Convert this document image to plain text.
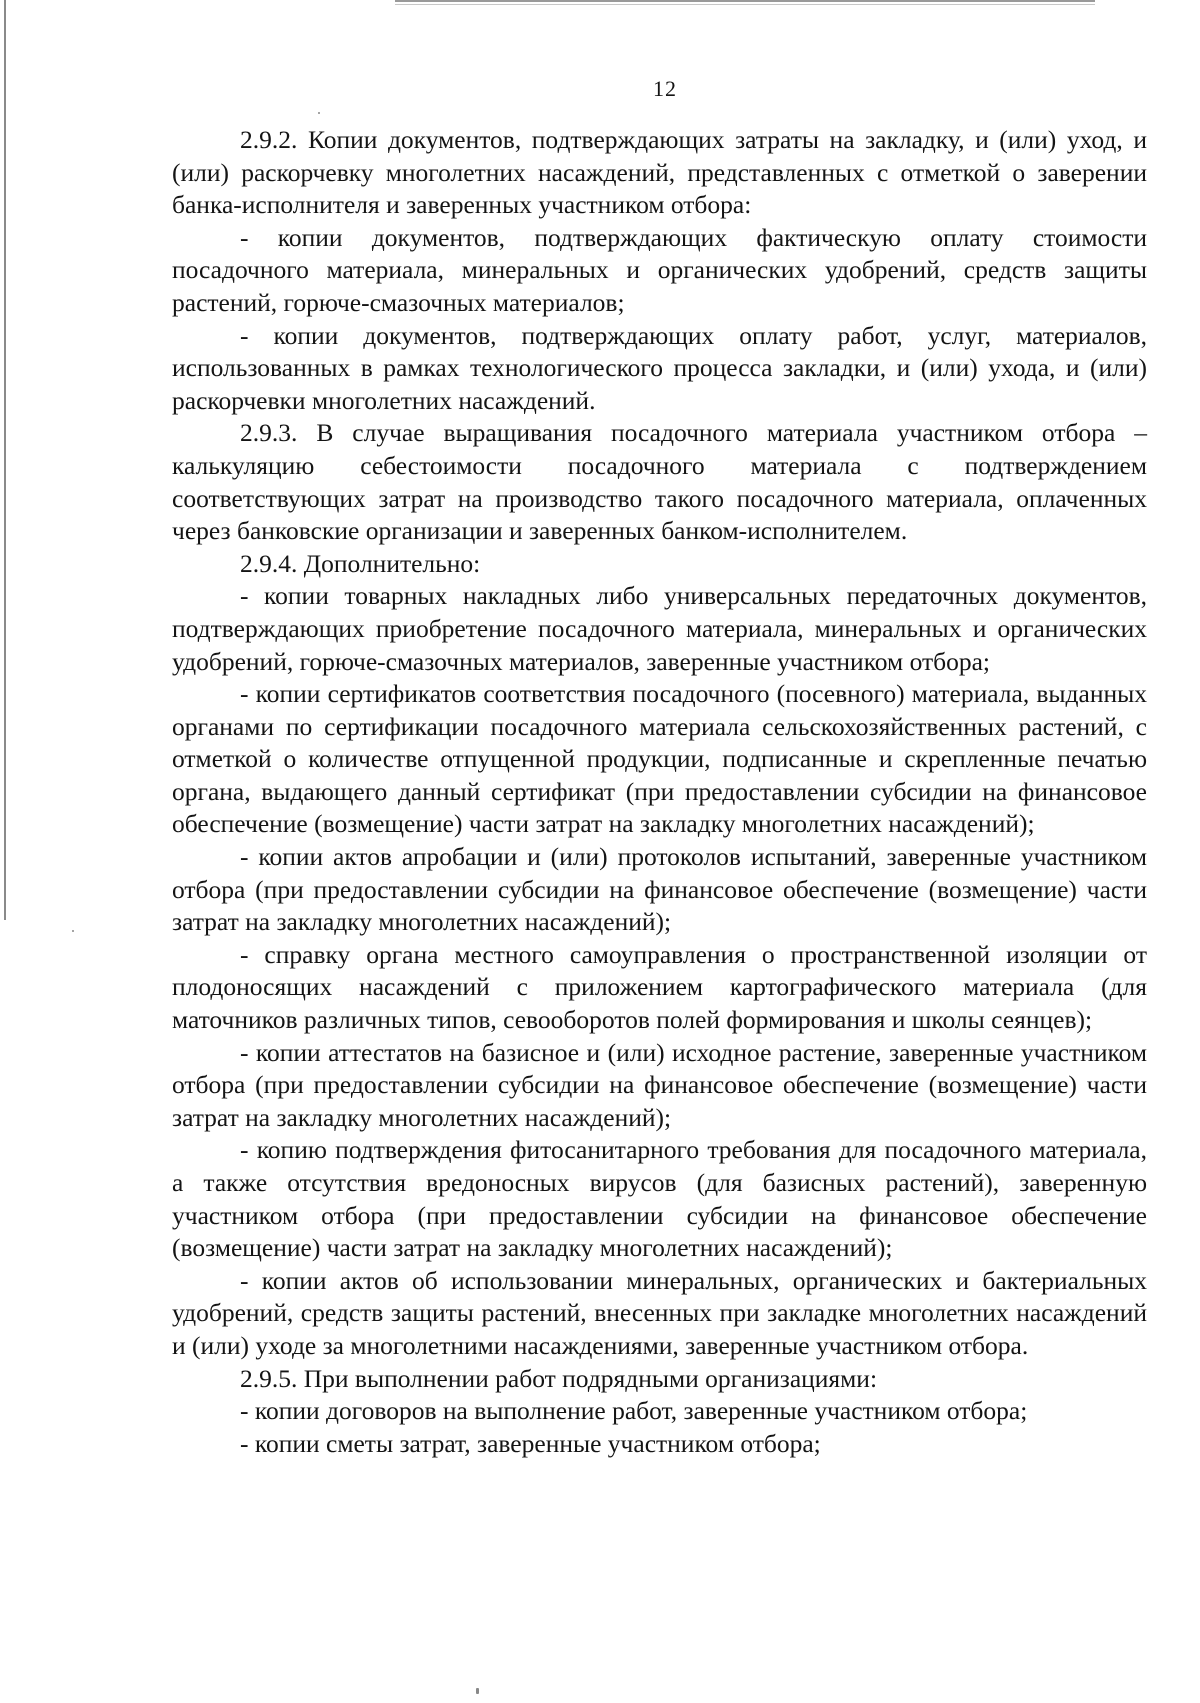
12

2.9.2. Копии документов, подтверждающих затраты на закладку, и (или) уход, и (или) раскорчевку многолетних насаждений, представленных с отметкой о заверении банка-исполнителя и заверенных участником отбора:

- копии документов, подтверждающих фактическую оплату стоимости посадочного материала, минеральных и органических удобрений, средств защиты растений, горюче-смазочных материалов;

- копии документов, подтверждающих оплату работ, услуг, материалов, использованных в рамках технологического процесса закладки, и (или) ухода, и (или) раскорчевки многолетних насаждений.

2.9.3. В случае выращивания посадочного материала участником отбора – калькуляцию себестоимости посадочного материала с подтверждением соответствующих затрат на производство такого посадочного материала, оплаченных через банковские организации и заверенных банком-исполнителем.

2.9.4. Дополнительно:

- копии товарных накладных либо универсальных передаточных документов, подтверждающих приобретение посадочного материала, минеральных и органических удобрений, горюче-смазочных материалов, заверенные участником отбора;

- копии сертификатов соответствия посадочного (посевного) материала, выданных органами по сертификации посадочного материала сельскохозяйственных растений, с отметкой о количестве отпущенной продукции, подписанные и скрепленные печатью органа, выдающего данный сертификат (при предоставлении субсидии на финансовое обеспечение (возмещение) части затрат на закладку многолетних насаждений);

- копии актов апробации и (или) протоколов испытаний, заверенные участником отбора (при предоставлении субсидии на финансовое обеспечение (возмещение) части затрат на закладку многолетних насаждений);

- справку органа местного самоуправления о пространственной изоляции от плодоносящих насаждений с приложением картографического материала (для маточников различных типов, севооборотов полей формирования и школы сеянцев);

- копии аттестатов на базисное и (или) исходное растение, заверенные участником отбора (при предоставлении субсидии на финансовое обеспечение (возмещение) части затрат на закладку многолетних насаждений);

- копию подтверждения фитосанитарного требования для посадочного материала, а также отсутствия вредоносных вирусов (для базисных растений), заверенную участником отбора (при предоставлении субсидии на финансовое обеспечение (возмещение) части затрат на закладку многолетних насаждений);

- копии актов об использовании минеральных, органических и бактериальных удобрений, средств защиты растений, внесенных при закладке многолетних насаждений и (или) уходе за многолетними насаждениями, заверенные участником отбора.

2.9.5. При выполнении работ подрядными организациями:

- копии договоров на выполнение работ, заверенные участником отбора;

- копии сметы затрат, заверенные участником отбора;
